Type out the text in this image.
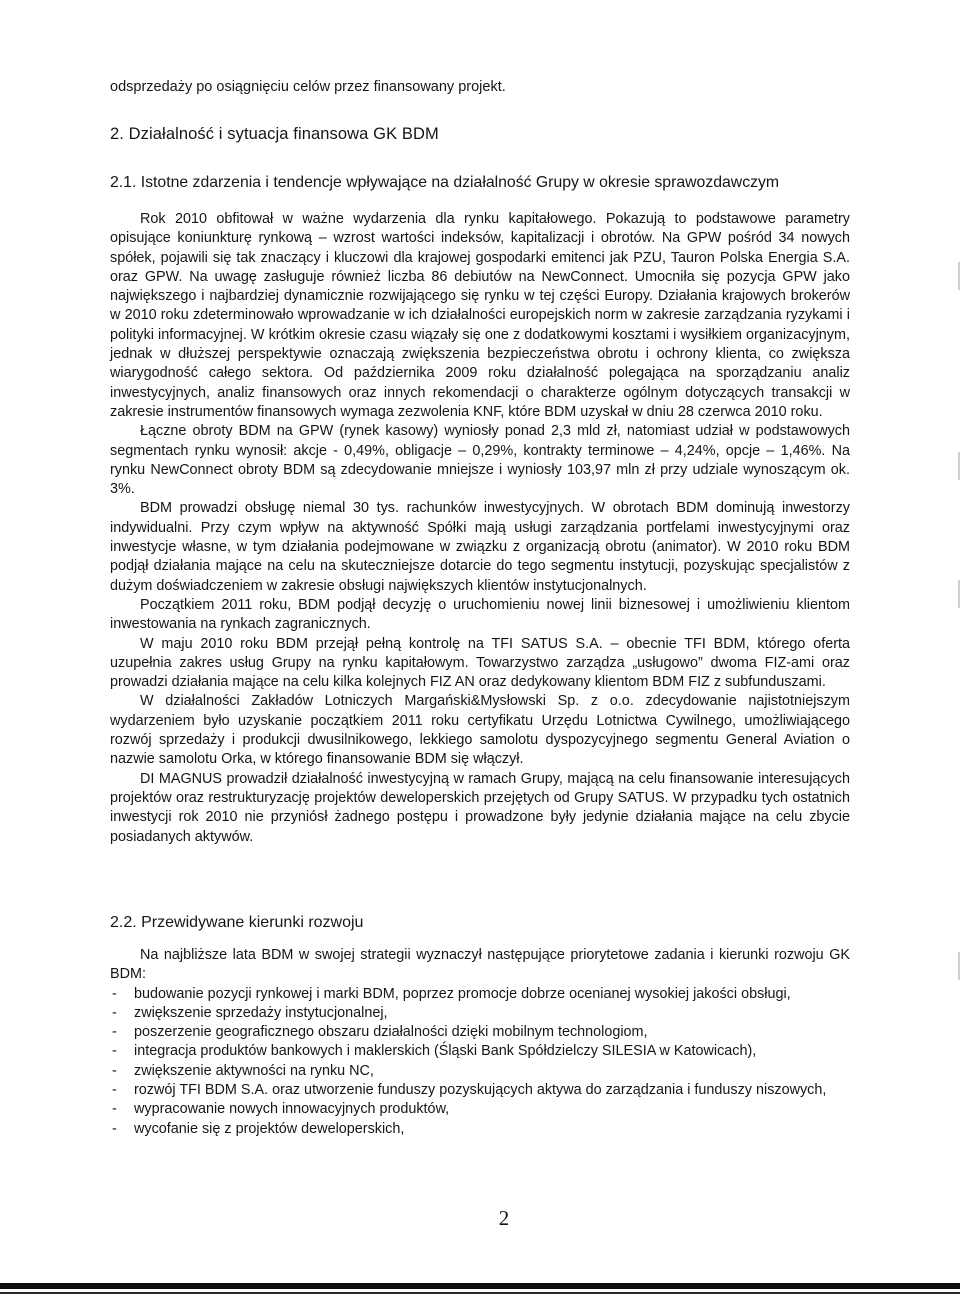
odsprzedaży po osiągnięciu celów przez finansowany projekt.
2. Działalność i sytuacja finansowa GK BDM
2.1. Istotne zdarzenia i tendencje wpływające na działalność Grupy w okresie sprawozdawczym

Rok 2010 obfitował w ważne wydarzenia dla rynku kapitałowego. Pokazują to podstawowe parametry opisujące koniunkturę rynkową – wzrost wartości indeksów, kapitalizacji i obrotów. Na GPW pośród 34 nowych spółek, pojawili się tak znaczący i kluczowi dla krajowej gospodarki emitenci jak PZU, Tauron Polska Energia S.A. oraz GPW. Na uwagę zasługuje również liczba 86 debiutów na NewConnect. Umocniła się pozycja GPW jako największego i najbardziej dynamicznie rozwijającego się rynku w tej części Europy. Działania krajowych brokerów w 2010 roku zdeterminowało wprowadzanie w ich działalności europejskich norm w zakresie zarządzania ryzykami i polityki informacyjnej. W krótkim okresie czasu wiązały się one z dodatkowymi kosztami i wysiłkiem organizacyjnym, jednak w dłuższej perspektywie oznaczają zwiększenia bezpieczeństwa obrotu i ochrony klienta, co zwiększa wiarygodność całego sektora. Od października 2009 roku działalność polegająca na sporządzaniu analiz inwestycyjnych, analiz finansowych oraz innych rekomendacji o charakterze ogólnym dotyczących transakcji w zakresie instrumentów finansowych wymaga zezwolenia KNF, które BDM uzyskał w dniu 28 czerwca 2010 roku.

Łączne obroty BDM na GPW (rynek kasowy) wyniosły ponad 2,3 mld zł, natomiast udział w podstawowych segmentach rynku wynosił: akcje - 0,49%, obligacje – 0,29%, kontrakty terminowe – 4,24%, opcje – 1,46%. Na rynku NewConnect obroty BDM są zdecydowanie mniejsze i wyniosły 103,97 mln zł przy udziale wynoszącym ok. 3%.

BDM prowadzi obsługę niemal 30 tys. rachunków inwestycyjnych. W obrotach BDM dominują inwestorzy indywidualni. Przy czym wpływ na aktywność Spółki mają usługi zarządzania portfelami inwestycyjnymi oraz inwestycje własne, w tym działania podejmowane w związku z organizacją obrotu (animator). W 2010 roku BDM podjął działania mające na celu na skuteczniejsze dotarcie do tego segmentu instytucji, pozyskując specjalistów z dużym doświadczeniem w zakresie obsługi największych klientów instytucjonalnych.

Początkiem 2011 roku, BDM podjął decyzję o uruchomieniu nowej linii biznesowej i umożliwieniu klientom inwestowania na rynkach zagranicznych.

W maju 2010 roku BDM przejął pełną kontrolę na TFI SATUS S.A. – obecnie TFI BDM, którego oferta uzupełnia zakres usług Grupy na rynku kapitałowym. Towarzystwo zarządza „usługowo” dwoma FIZ-ami oraz prowadzi działania mające na celu kilka kolejnych FIZ AN oraz dedykowany klientom BDM FIZ z subfunduszami.

W działalności Zakładów Lotniczych Margański&Mysłowski Sp. z o.o. zdecydowanie najistotniejszym wydarzeniem było uzyskanie początkiem 2011 roku certyfikatu Urzędu Lotnictwa Cywilnego, umożliwiającego rozwój sprzedaży i produkcji dwusilnikowego, lekkiego samolotu dyspozycyjnego segmentu General Aviation o nazwie samolotu Orka, w którego finansowanie BDM się włączył.

DI MAGNUS prowadził działalność inwestycyjną w ramach Grupy, mającą na celu finansowanie interesujących projektów oraz restrukturyzację projektów deweloperskich przejętych od Grupy SATUS. W przypadku tych ostatnich inwestycji rok 2010 nie przyniósł żadnego postępu i prowadzone były jedynie działania mające na celu zbycie posiadanych aktywów.

2.2. Przewidywane kierunki rozwoju

Na najbliższe lata BDM w swojej strategii wyznaczył następujące priorytetowe zadania i kierunki rozwoju GK BDM:

- budowanie pozycji rynkowej i marki BDM, poprzez promocje dobrze ocenianej wysokiej jakości obsługi,
- zwiększenie sprzedaży instytucjonalnej,
- poszerzenie geograficznego obszaru działalności dzięki mobilnym technologiom,
- integracja produktów bankowych i maklerskich (Śląski Bank Spółdzielczy SILESIA w Katowicach),
- zwiększenie aktywności na rynku NC,
- rozwój TFI BDM S.A. oraz utworzenie funduszy pozyskujących aktywa do zarządzania i funduszy niszowych,
- wypracowanie nowych innowacyjnych produktów,
- wycofanie się z projektów deweloperskich,
2
